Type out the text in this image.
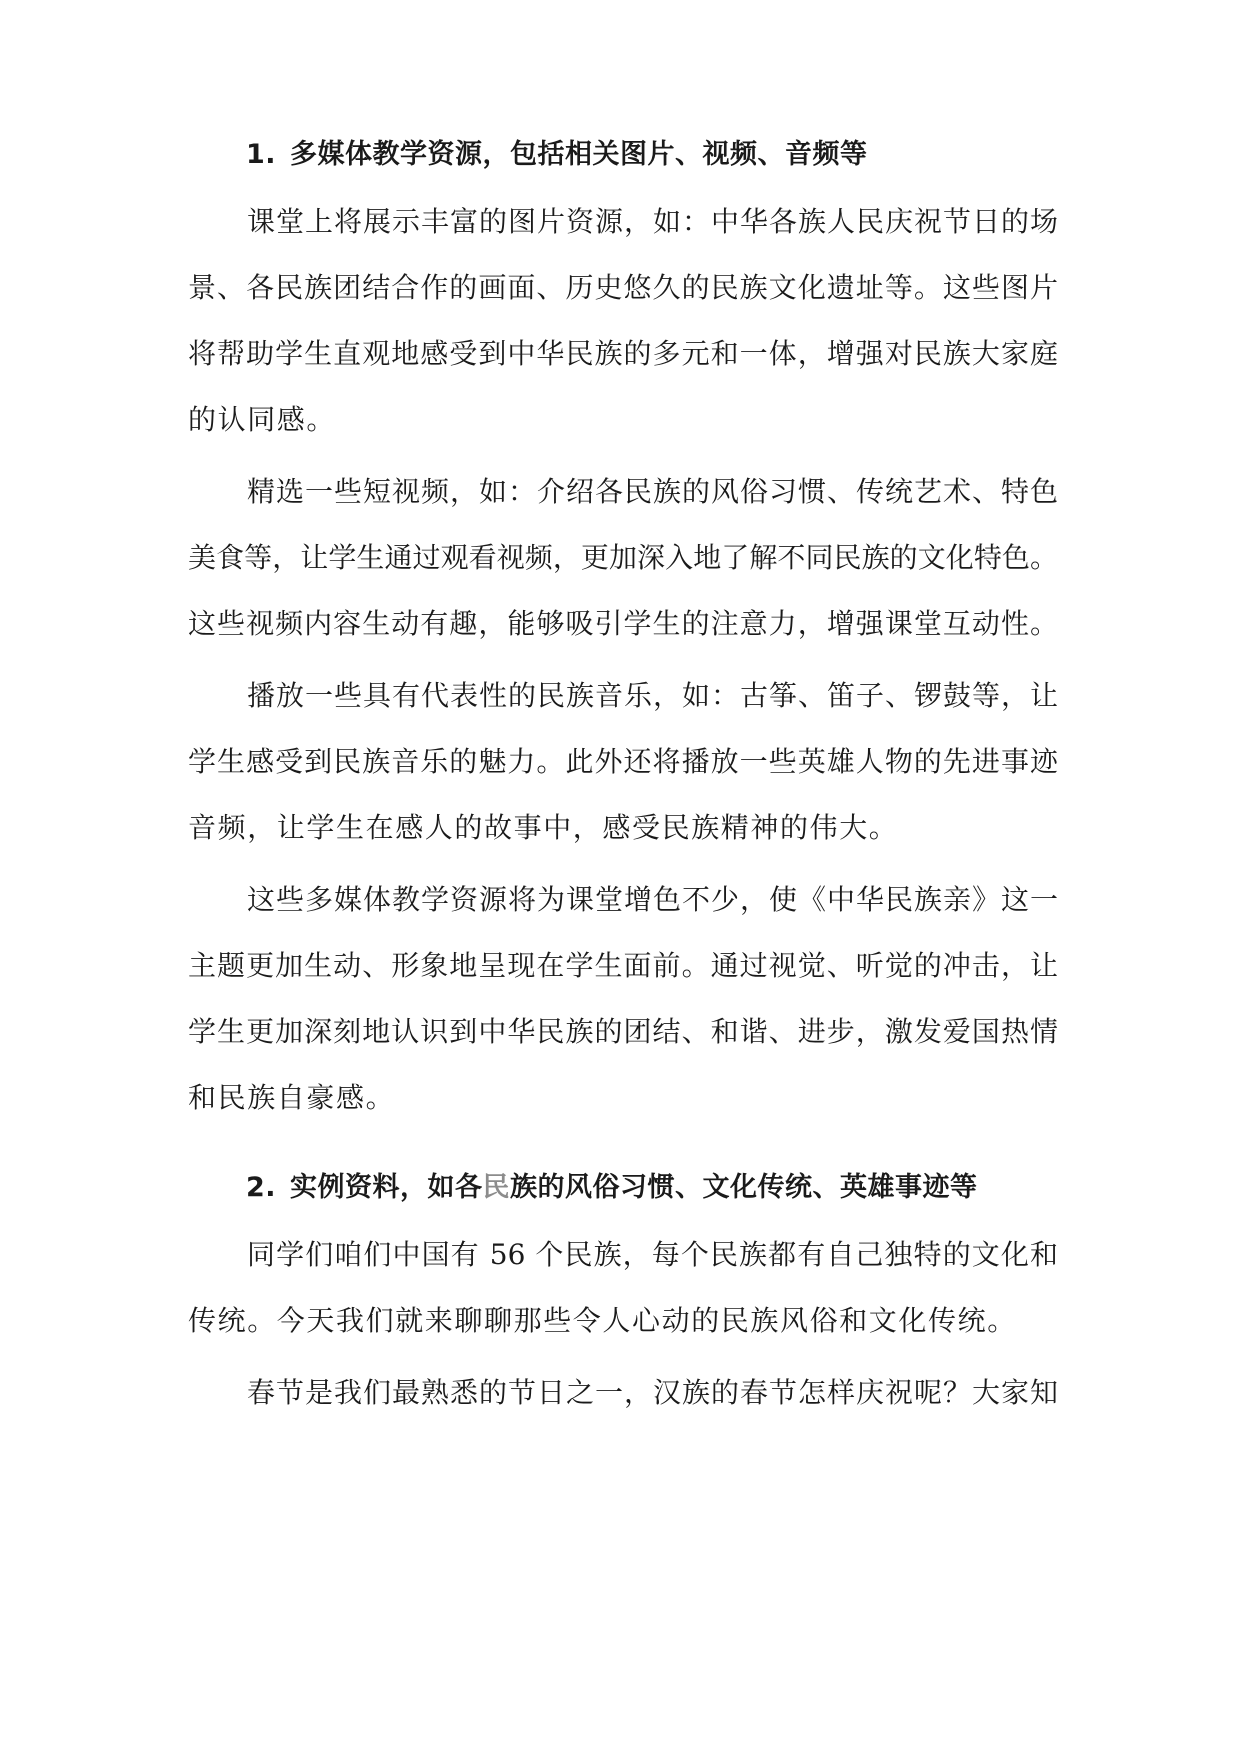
1. 多媒体教学资源，包括相关图片、视频、音频等
课堂上将展示丰富的图片资源，如：中华各族人民庆祝节日的场
景、各民族团结合作的画面、历史悠久的民族文化遗址等。这些图片
将帮助学生直观地感受到中华民族的多元和一体，增强对民族大家庭
的认同感。
精选一些短视频，如：介绍各民族的风俗习惯、传统艺术、特色
美食等，让学生通过观看视频，更加深入地了解不同民族的文化特色。
这些视频内容生动有趣，能够吸引学生的注意力，增强课堂互动性。
播放一些具有代表性的民族音乐，如：古筝、笛子、锣鼓等，让
学生感受到民族音乐的魅力。此外还将播放一些英雄人物的先进事迹
音频，让学生在感人的故事中，感受民族精神的伟大。
这些多媒体教学资源将为课堂增色不少，使《中华民族亲》这一
主题更加生动、形象地呈现在学生面前。通过视觉、听觉的冲击，让
学生更加深刻地认识到中华民族的团结、和谐、进步，激发爱国热情
和民族自豪感。
2. 实例资料，如各民族的风俗习惯、文化传统、英雄事迹等
同学们咱们中国有 56 个民族，每个民族都有自己独特的文化和
传统。今天我们就来聊聊那些令人心动的民族风俗和文化传统。
春节是我们最熟悉的节日之一，汉族的春节怎样庆祝呢？大家知
